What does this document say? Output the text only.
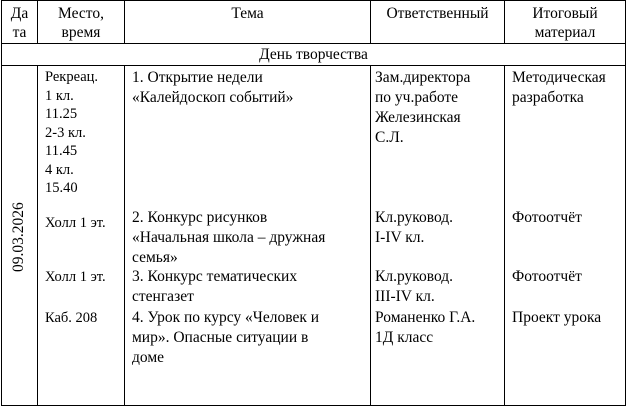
Да
та
Место,
время
Тема	Ответственный	Итоговый
материал
День творчества
09.03.2026
Рекреац.
1 кл.
11.25
2-3 кл.
11.45
4 кл.
15.40
1. Открытие недели
«Калейдоскоп событий»
Зам.директора
по уч.работе
Железинская
С.Л.
Методическая
разработка
Холл 1 эт. 2. Конкурс рисунков
«Начальная школа – дружная
семья»
Кл.руковод.
I-IV кл.
Фотоотчёт
Холл 1 эт. 3. Конкурс тематических
стенгазет
Кл.руковод.
III-IV кл.
Фотоотчёт
Каб. 208 4. Урок по курсу «Человек и
мир». Опасные ситуации в
доме
Романенко Г.А.
1Д класс
Проект урока
